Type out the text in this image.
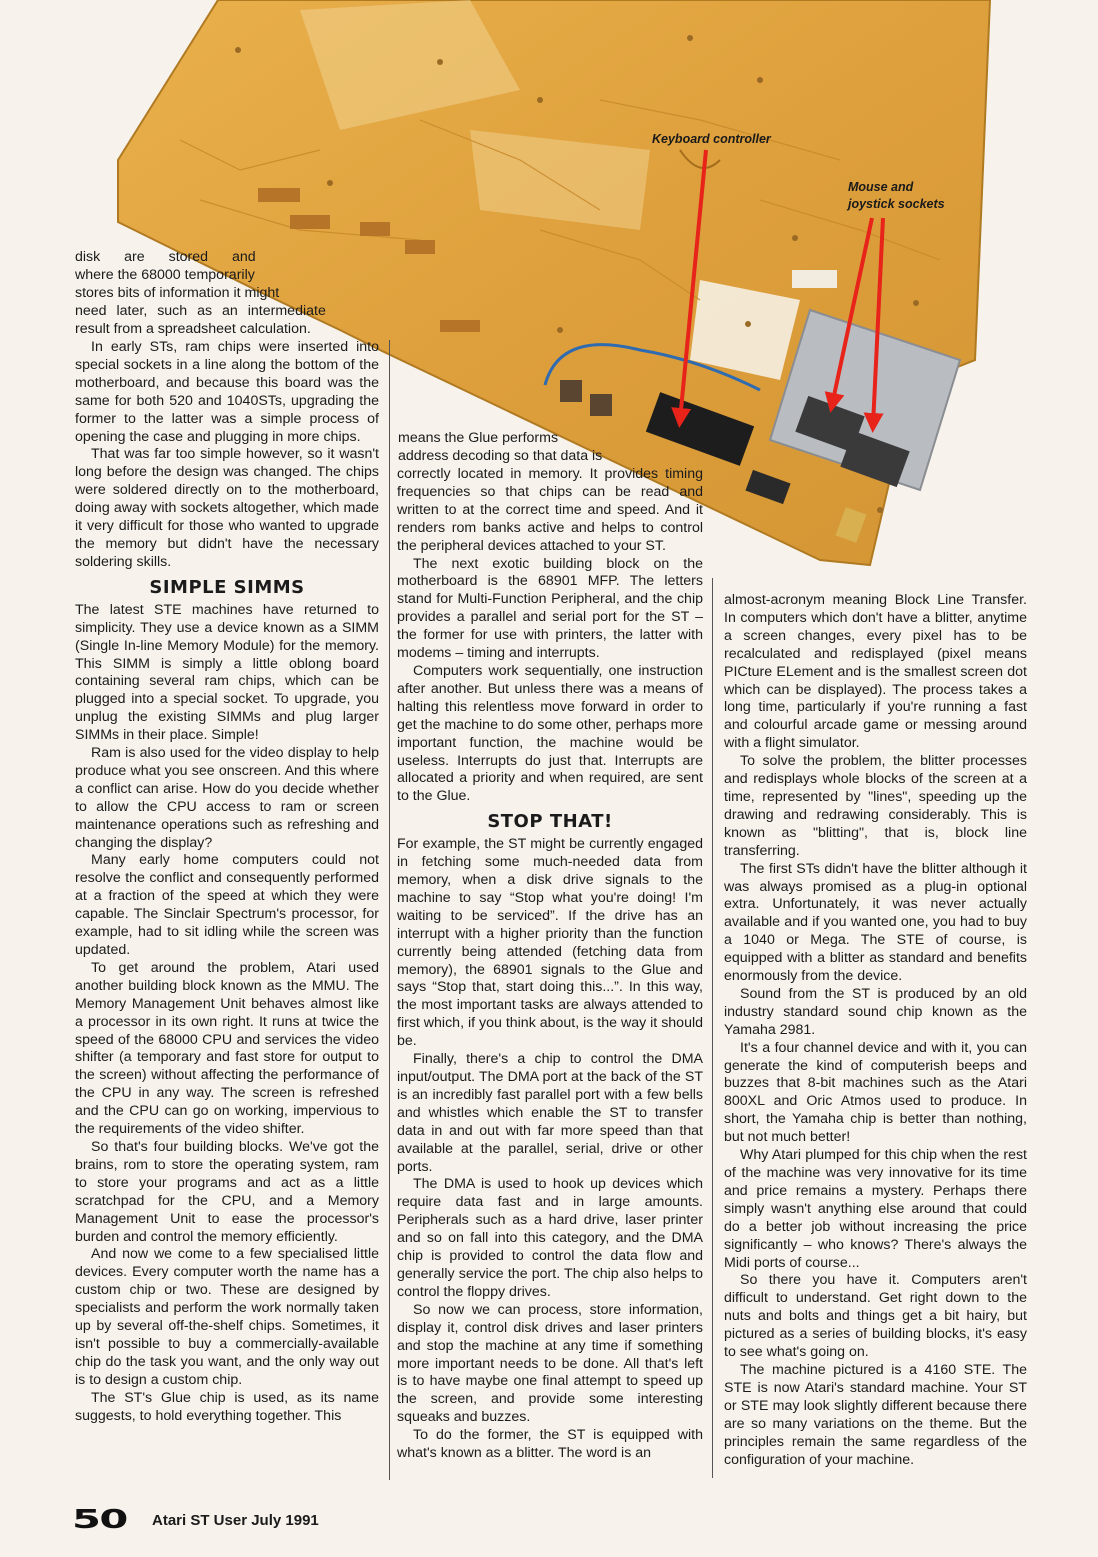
Keyboard controller
Mouse and
joystick sockets
disk are stored and
where the 68000 temporarily
stores bits of information it might
need later, such as an intermediate
result from a spreadsheet calculation.

In early STs, ram chips were inserted into special sockets in a line along the bottom of the motherboard, and because this board was the same for both 520 and 1040STs, upgrading the former to the latter was a simple process of opening the case and plugging in more chips.

That was far too simple however, so it wasn't long before the design was changed. The chips were soldered directly on to the motherboard, doing away with sockets altogether, which made it very difficult for those who wanted to upgrade the memory but didn't have the necessary soldering skills.

SIMPLE SIMMS

The latest STE machines have returned to simplicity. They use a device known as a SIMM (Single In-line Memory Module) for the memory. This SIMM is simply a little oblong board containing several ram chips, which can be plugged into a special socket. To upgrade, you unplug the existing SIMMs and plug larger SIMMs in their place. Simple!

Ram is also used for the video display to help produce what you see onscreen. And this where a conflict can arise. How do you decide whether to allow the CPU access to ram or screen maintenance operations such as refreshing and changing the display?

Many early home computers could not resolve the conflict and consequently performed at a fraction of the speed at which they were capable. The Sinclair Spectrum's processor, for example, had to sit idling while the screen was updated.

To get around the problem, Atari used another building block known as the MMU. The Memory Management Unit behaves almost like a processor in its own right. It runs at twice the speed of the 68000 CPU and services the video shifter (a temporary and fast store for output to the screen) without affecting the performance of the CPU in any way. The screen is refreshed and the CPU can go on working, impervious to the requirements of the video shifter.

So that's four building blocks. We've got the brains, rom to store the operating system, ram to store your programs and act as a little scratchpad for the CPU, and a Memory Management Unit to ease the processor's burden and control the memory efficiently.

And now we come to a few specialised little devices. Every computer worth the name has a custom chip or two. These are designed by specialists and perform the work normally taken up by several off-the-shelf chips. Sometimes, it isn't possible to buy a commercially-available chip do the task you want, and the only way out is to design a custom chip.

The ST's Glue chip is used, as its name suggests, to hold everything together. This

means the Glue performs
address decoding so that data is

correctly located in memory. It provides timing frequencies so that chips can be read and written to at the correct time and speed. And it renders rom banks active and helps to control the peripheral devices attached to your ST.

The next exotic building block on the motherboard is the 68901 MFP. The letters stand for Multi-Function Peripheral, and the chip provides a parallel and serial port for the ST – the former for use with printers, the latter with modems – timing and interrupts.

Computers work sequentially, one instruction after another. But unless there was a means of halting this relentless move forward in order to get the machine to do some other, perhaps more important function, the machine would be useless. Interrupts do just that. Interrupts are allocated a priority and when required, are sent to the Glue.

STOP THAT!

For example, the ST might be currently engaged in fetching some much-needed data from memory, when a disk drive signals to the machine to say “Stop what you're doing! I'm waiting to be serviced”. If the drive has an interrupt with a higher priority than the function currently being attended (fetching data from memory), the 68901 signals to the Glue and says “Stop that, start doing this...”. In this way, the most important tasks are always attended to first which, if you think about, is the way it should be.

Finally, there's a chip to control the DMA input/output. The DMA port at the back of the ST is an incredibly fast parallel port with a few bells and whistles which enable the ST to transfer data in and out with far more speed than that available at the parallel, serial, drive or other ports.

The DMA is used to hook up devices which require data fast and in large amounts. Peripherals such as a hard drive, laser printer and so on fall into this category, and the DMA chip is provided to control the data flow and generally service the port. The chip also helps to control the floppy drives.

So now we can process, store information, display it, control disk drives and laser printers and stop the machine at any time if something more important needs to be done. All that's left is to have maybe one final attempt to speed up the screen, and provide some interesting squeaks and buzzes.

To do the former, the ST is equipped with what's known as a blitter. The word is an

almost-acronym meaning Block Line Transfer. In computers which don't have a blitter, anytime a screen changes, every pixel has to be recalculated and redisplayed (pixel means PICture ELement and is the smallest screen dot which can be displayed). The process takes a long time, particularly if you're running a fast and colourful arcade game or messing around with a flight simulator.

To solve the problem, the blitter processes and redisplays whole blocks of the screen at a time, represented by "lines", speeding up the drawing and redrawing considerably. This is known as "blitting", that is, block line transferring.

The first STs didn't have the blitter although it was always promised as a plug-in optional extra. Unfortunately, it was never actually available and if you wanted one, you had to buy a 1040 or Mega. The STE of course, is equipped with a blitter as standard and benefits enormously from the device.

Sound from the ST is produced by an old industry standard sound chip known as the Yamaha 2981.

It's a four channel device and with it, you can generate the kind of computerish beeps and buzzes that 8-bit machines such as the Atari 800XL and Oric Atmos used to produce. In short, the Yamaha chip is better than nothing, but not much better!

Why Atari plumped for this chip when the rest of the machine was very innovative for its time and price remains a mystery. Perhaps there simply wasn't anything else around that could do a better job without increasing the price significantly – who knows? There's always the Midi ports of course...

So there you have it. Computers aren't difficult to understand. Get right down to the nuts and bolts and things get a bit hairy, but pictured as a series of building blocks, it's easy to see what's going on.

The machine pictured is a 4160 STE. The STE is now Atari's standard machine. Your ST or STE may look slightly different because there are so many variations on the theme. But the principles remain the same regardless of the configuration of your machine.

50	Atari ST User July 1991
